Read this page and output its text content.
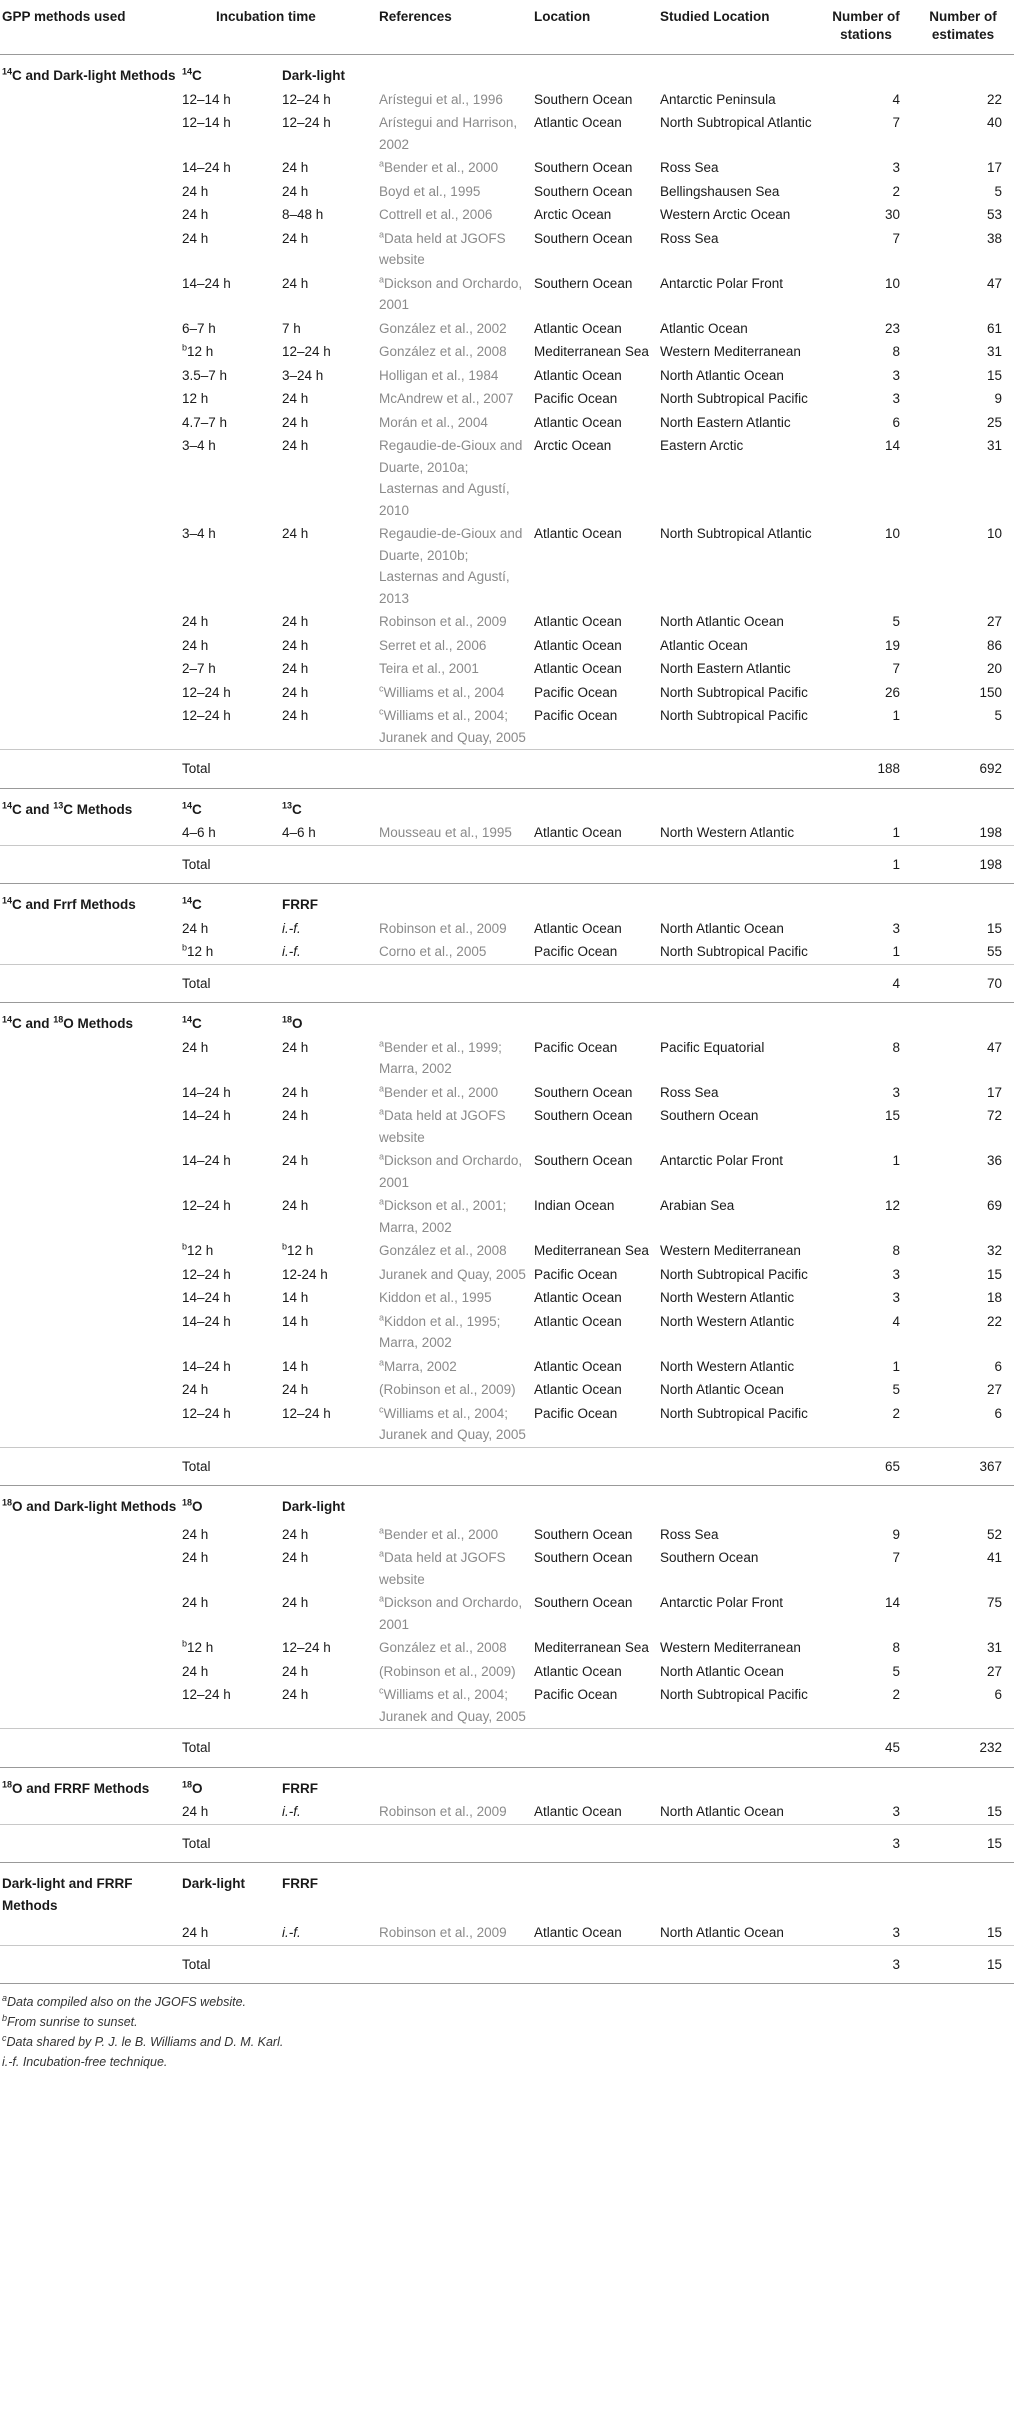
GPP methods used	Incubation time		References	Location	Studied Location	Number of stations	Number of estimates
$^{14}$C and Dark-light Methods	$^{14}$C	Dark-light					
	12–14 h	12–24 h	Arístegui et al., 1996	Southern Ocean	Antarctic Peninsula	4	22
	12–14 h	12–24 h	Arístegui and Harrison, 2002	Atlantic Ocean	North Subtropical Atlantic	7	40
	14–24 h	24 h	$^a$Bender et al., 2000	Southern Ocean	Ross Sea	3	17
	24 h	24 h	Boyd et al., 1995	Southern Ocean	Bellingshausen Sea	2	5
	24 h	8–48 h	Cottrell et al., 2006	Arctic Ocean	Western Arctic Ocean	30	53
	24 h	24 h	$^a$Data held at JGOFS website	Southern Ocean	Ross Sea	7	38
	14–24 h	24 h	$^a$Dickson and Orchardo, 2001	Southern Ocean	Antarctic Polar Front	10	47
	6–7 h	7 h	González et al., 2002	Atlantic Ocean	Atlantic Ocean	23	61
	$^b$12 h	12–24 h	González et al., 2008	Mediterranean Sea	Western Mediterranean	8	31
	3.5–7 h	3–24 h	Holligan et al., 1984	Atlantic Ocean	North Atlantic Ocean	3	15
	12 h	24 h	McAndrew et al., 2007	Pacific Ocean	North Subtropical Pacific	3	9
	4.7–7 h	24 h	Morán et al., 2004	Atlantic Ocean	North Eastern Atlantic	6	25
	3–4 h	24 h	Regaudie-de-Gioux and Duarte, 2010a; Lasternas and Agustí, 2010	Arctic Ocean	Eastern Arctic	14	31
	3–4 h	24 h	Regaudie-de-Gioux and Duarte, 2010b; Lasternas and Agustí, 2013	Atlantic Ocean	North Subtropical Atlantic	10	10
	24 h	24 h	Robinson et al., 2009	Atlantic Ocean	North Atlantic Ocean	5	27
	24 h	24 h	Serret et al., 2006	Atlantic Ocean	Atlantic Ocean	19	86
	2–7 h	24 h	Teira et al., 2001	Atlantic Ocean	North Eastern Atlantic	7	20
	12–24 h	24 h	$^c$Williams et al., 2004	Pacific Ocean	North Subtropical Pacific	26	150
	12–24 h	24 h	$^c$Williams et al., 2004; Juranek and Quay, 2005	Pacific Ocean	North Subtropical Pacific	1	5
	Total					188	692
$^{14}$C and $^{13}$C Methods	$^{14}$C	$^{13}$C					
	4–6 h	4–6 h	Mousseau et al., 1995	Atlantic Ocean	North Western Atlantic	1	198
	Total					1	198
$^{14}$C and Frrf Methods	$^{14}$C	FRRF					
	24 h	i.-f.	Robinson et al., 2009	Atlantic Ocean	North Atlantic Ocean	3	15
	$^b$12 h	i.-f.	Corno et al., 2005	Pacific Ocean	North Subtropical Pacific	1	55
	Total					4	70
$^{14}$C and $^{18}$O Methods	$^{14}$C	$^{18}$O					
	24 h	24 h	$^a$Bender et al., 1999; Marra, 2002	Pacific Ocean	Pacific Equatorial	8	47
	14–24 h	24 h	$^a$Bender et al., 2000	Southern Ocean	Ross Sea	3	17
	14–24 h	24 h	$^a$Data held at JGOFS website	Southern Ocean	Southern Ocean	15	72
	14–24 h	24 h	$^a$Dickson and Orchardo, 2001	Southern Ocean	Antarctic Polar Front	1	36
	12–24 h	24 h	$^a$Dickson et al., 2001; Marra, 2002	Indian Ocean	Arabian Sea	12	69
	$^b$12 h	$^b$12 h	González et al., 2008	Mediterranean Sea	Western Mediterranean	8	32
	12–24 h	12-24 h	Juranek and Quay, 2005	Pacific Ocean	North Subtropical Pacific	3	15
	14–24 h	14 h	Kiddon et al., 1995	Atlantic Ocean	North Western Atlantic	3	18
	14–24 h	14 h	$^a$Kiddon et al., 1995; Marra, 2002	Atlantic Ocean	North Western Atlantic	4	22
	14–24 h	14 h	$^a$Marra, 2002	Atlantic Ocean	North Western Atlantic	1	6
	24 h	24 h	(Robinson et al., 2009)	Atlantic Ocean	North Atlantic Ocean	5	27
	12–24 h	12–24 h	$^c$Williams et al., 2004; Juranek and Quay, 2005	Pacific Ocean	North Subtropical Pacific	2	6
	Total					65	367
$^{18}$O and Dark-light Methods	$^{18}$O	Dark-light					

	24 h	24 h	$^a$Bender et al., 2000	Southern Ocean	Ross Sea	9	52
	24 h	24 h	$^a$Data held at JGOFS website	Southern Ocean	Southern Ocean	7	41
	24 h	24 h	$^a$Dickson and Orchardo, 2001	Southern Ocean	Antarctic Polar Front	14	75
	$^b$12 h	12–24 h	González et al., 2008	Mediterranean Sea	Western Mediterranean	8	31
	24 h	24 h	(Robinson et al., 2009)	Atlantic Ocean	North Atlantic Ocean	5	27
	12–24 h	24 h	$^c$Williams et al., 2004; Juranek and Quay, 2005	Pacific Ocean	North Subtropical Pacific	2	6
	Total					45	232
$^{18}$O and FRRF Methods	$^{18}$O	FRRF					
	24 h	i.-f.	Robinson et al., 2009	Atlantic Ocean	North Atlantic Ocean	3	15
	Total					3	15
Dark-light and FRRF Methods	Dark-light	FRRF					

	24 h	i.-f.	Robinson et al., 2009	Atlantic Ocean	North Atlantic Ocean	3	15
	Total					3	15

$^a$Data compiled also on the JGOFS website.
$^b$From sunrise to sunset.
$^c$Data shared by P. J. le B. Williams and D. M. Karl.
i.-f. Incubation-free technique.
